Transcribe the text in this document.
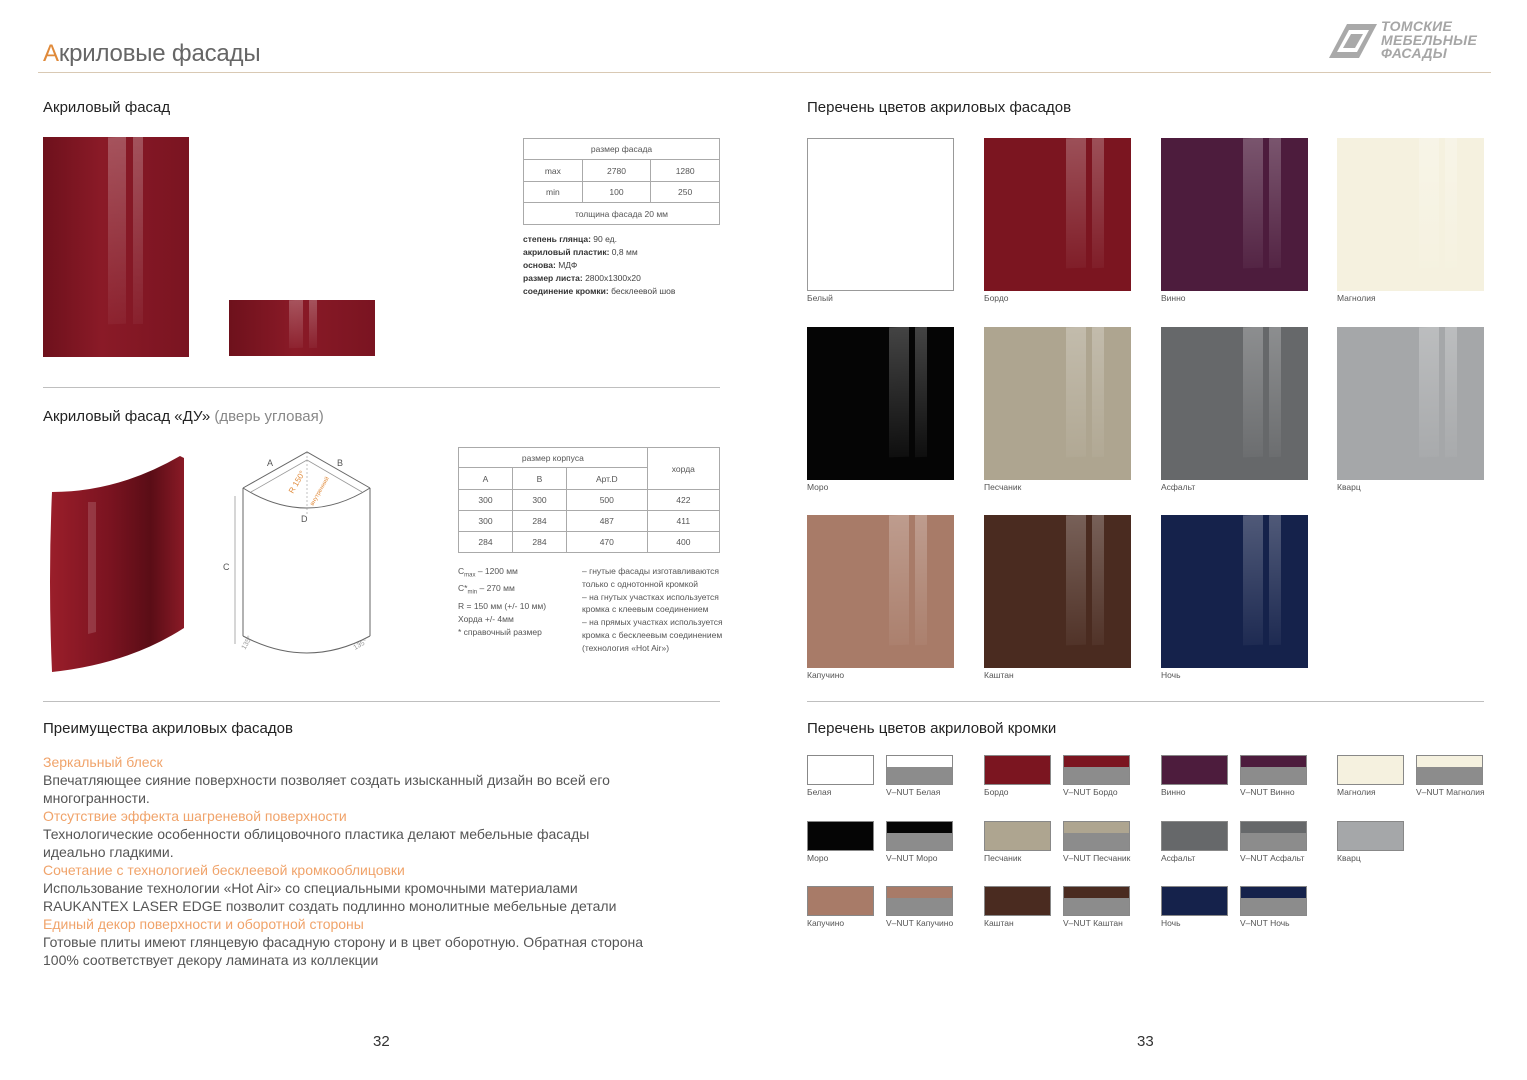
Акриловые фасады
ТОМСКИЕ
МЕБЕЛЬНЫЕ
ФАСАДЫ
Акриловый фасад
размер фасада		
max	2780	1280
min	100	250
толщина фасада 20 мм		
степень глянца: 90 ед.
акриловый пластик: 0,8 мм
основа: МДФ
размер листа: 2800х1300х20
соединение кромки: бесклеевой шов
Акриловый фасад «ДУ» (дверь угловая)
A	B
C
D
R 150° внутренний
135°	135°
размер корпуса			хорда
A	B	Арт.D	
300	300	500	422
300	284	487	411
284	284	470	400
$C_{max} - 1200$ мм
$C*_{min} - 270$ мм
R = 150 мм (+/- 10 мм)
Хорда +/- 4мм
* справочный размер
– гнутые фасады изготавливаются
только с однотонной кромкой
– на гнутых участках используется
кромка с клеевым соединением
– на прямых участках используется
кромка с бесклеевым соединением
(технология «Hot Air»)
Преимущества акриловых фасадов
Зеркальный блеск
Впечатляющее сияние поверхности позволяет создать изысканный дизайн во всей его
многогранности.
Отсутствие эффекта шагреневой поверхности
Технологические особенности облицовочного пластика делают мебельные фасады
идеально гладкими.
Сочетание с технологией бесклеевой кромкооблицовки
Использование технологии «Hot Air» со специальными кромочными материалами
RAUKANTEX LASER EDGE позволит создать подлинно монолитные мебельные детали
Единый декор поверхности и оборотной стороны
Готовые плиты имеют глянцевую фасадную сторону и в цвет оборотную. Обратная сторона
100% соответствует декору ламината из коллекции
32
Перечень цветов акриловых фасадов
Белый	Бордо	Винно	Магнолия
Моро	Песчаник	Асфальт	Кварц
Капучино	Каштан	Ночь
Перечень цветов акриловой кромки
Белая	V–NUT Белая	Бордо	V–NUT Бордо	Винно	V–NUT Винно	Магнолия	V–NUT Магнолия
Моро	V–NUT Моро	Песчаник	V–NUT Песчаник	Асфальт	V–NUT Асфальт	Кварц
Капучино	V–NUT Капучино	Каштан	V–NUT Каштан	Ночь	V–NUT Ночь
33
